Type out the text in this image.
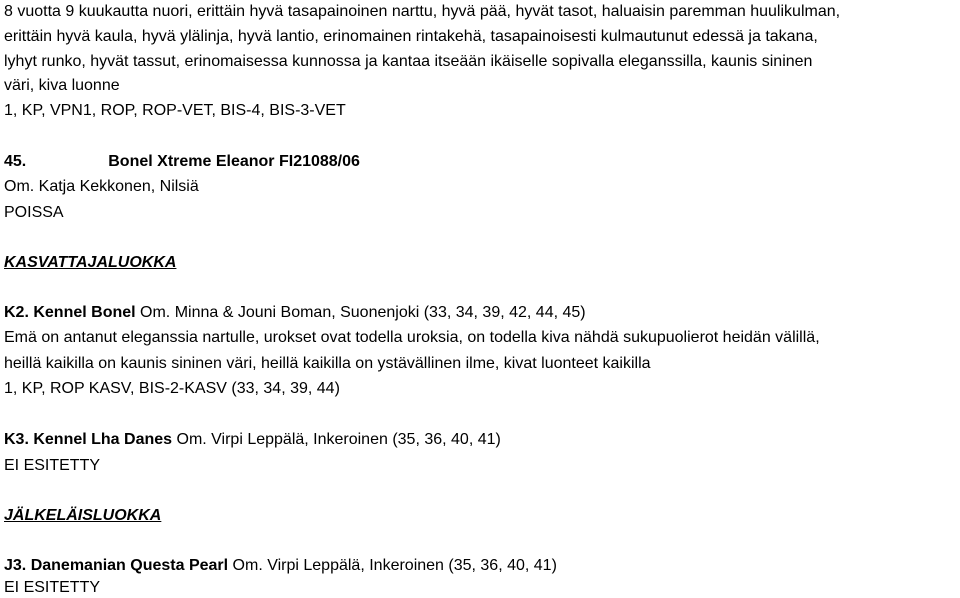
8 vuotta 9 kuukautta nuori, erittäin hyvä tasapainoinen narttu, hyvä pää, hyvät tasot, haluaisin paremman huulikulman,
erittäin hyvä kaula, hyvä ylälinja, hyvä lantio, erinomainen rintakehä, tasapainoisesti kulmautunut edessä ja takana,
lyhyt runko, hyvät tassut, erinomaisessa kunnossa ja kantaa itseään ikäiselle sopivalla eleganssilla, kaunis sininen
väri, kiva luonne
1, KP, VPN1, ROP, ROP-VET, BIS-4, BIS-3-VET
45.	Bonel Xtreme Eleanor FI21088/06
Om. Katja Kekkonen, Nilsiä
POISSA
KASVATTAJALUOKKA
K2. Kennel Bonel Om. Minna & Jouni Boman, Suonenjoki (33, 34, 39, 42, 44, 45)
Emä on antanut eleganssia nartulle, urokset ovat todella uroksia, on todella kiva nähdä sukupuolierot heidän välillä,
heillä kaikilla on kaunis sininen väri, heillä kaikilla on ystävällinen ilme, kivat luonteet kaikilla
1, KP, ROP KASV, BIS-2-KASV (33, 34, 39, 44)
K3. Kennel Lha Danes Om. Virpi Leppälä, Inkeroinen (35, 36, 40, 41)
EI ESITETTY
JÄLKELÄISLUOKKA
J3. Danemanian Questa Pearl Om. Virpi Leppälä, Inkeroinen (35, 36, 40, 41)
EI ESITETTY
